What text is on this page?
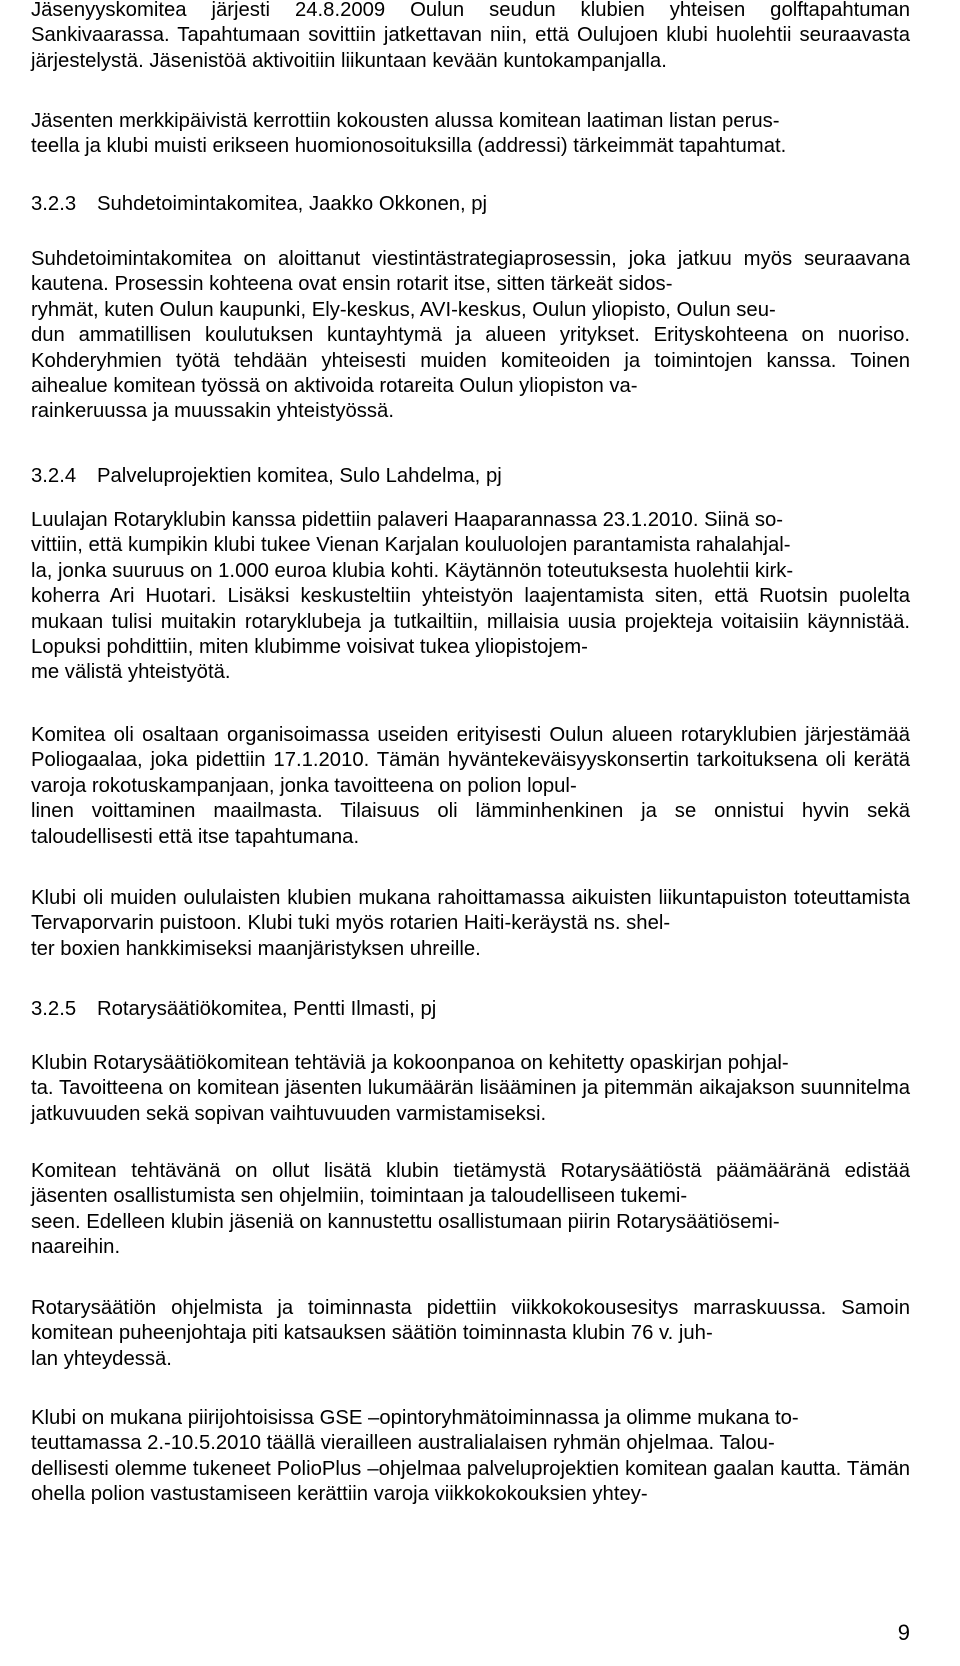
Jäsenyyskomitea järjesti 24.8.2009 Oulun seudun klubien yhteisen golftapahtuman Sankivaarassa. Tapahtumaan sovittiin jatkettavan niin, että Oulujoen klubi huolehtii seuraavasta järjestelystä. Jäsenistöä aktivoitiin liikuntaan kevään kuntokampanjalla.

Jäsenten merkkipäivistä kerrottiin kokousten alussa komitean laatiman listan perus-
teella ja klubi muisti erikseen huomionosoituksilla (addressi) tärkeimmät tapahtumat.

3.2.3	Suhdetoimintakomitea, Jaakko Okkonen, pj

Suhdetoimintakomitea on aloittanut viestintästrategiaprosessin, joka jatkuu myös seuraavana kautena. Prosessin kohteena ovat ensin rotarit itse, sitten tärkeät sidos-
ryhmät, kuten Oulun kaupunki, Ely-keskus, AVI-keskus, Oulun yliopisto, Oulun seu-
dun ammatillisen koulutuksen kuntayhtymä ja alueen yritykset. Erityskohteena on nuoriso. Kohderyhmien työtä tehdään yhteisesti muiden komiteoiden ja toimintojen kanssa. Toinen aihealue komitean työssä on aktivoida rotareita Oulun yliopiston va-
rainkeruussa ja muussakin yhteistyössä.

3.2.4	Palveluprojektien komitea, Sulo Lahdelma, pj

Luulajan Rotaryklubin kanssa pidettiin palaveri Haaparannassa 23.1.2010. Siinä so-
vittiin, että kumpikin klubi tukee Vienan Karjalan kouluolojen parantamista rahalahjal-
la, jonka suuruus on 1.000 euroa klubia kohti. Käytännön toteutuksesta huolehtii kirk-
koherra Ari Huotari. Lisäksi keskusteltiin yhteistyön laajentamista siten, että Ruotsin puolelta mukaan tulisi muitakin rotaryklubeja ja tutkailtiin, millaisia uusia projekteja voitaisiin käynnistää. Lopuksi pohdittiin, miten klubimme voisivat tukea yliopistojem-
me välistä yhteistyötä.

Komitea oli osaltaan organisoimassa useiden erityisesti Oulun alueen rotaryklubien järjestämää Poliogaalaa, joka pidettiin 17.1.2010. Tämän hyväntekeväisyyskonsertin tarkoituksena oli kerätä varoja rokotuskampanjaan, jonka tavoitteena on polion lopul-
linen voittaminen maailmasta. Tilaisuus oli lämminhenkinen ja se onnistui hyvin sekä taloudellisesti että itse tapahtumana.

Klubi oli muiden oululaisten klubien mukana rahoittamassa aikuisten liikuntapuiston toteuttamista Tervaporvarin puistoon. Klubi tuki myös rotarien Haiti-keräystä ns. shel-
ter boxien hankkimiseksi maanjäristyksen uhreille.

3.2.5	Rotarysäätiökomitea, Pentti Ilmasti, pj

Klubin Rotarysäätiökomitean tehtäviä ja kokoonpanoa on kehitetty opaskirjan pohjal-
ta. Tavoitteena on komitean jäsenten lukumäärän lisääminen ja pitemmän aikajakson suunnitelma jatkuvuuden sekä sopivan vaihtuvuuden varmistamiseksi.

Komitean tehtävänä on ollut lisätä klubin tietämystä Rotarysäätiöstä päämääränä edistää jäsenten osallistumista sen ohjelmiin, toimintaan ja taloudelliseen tukemi-
seen. Edelleen klubin jäseniä on kannustettu osallistumaan piirin Rotarysäätiösemi-
naareihin.

Rotarysäätiön ohjelmista ja toiminnasta pidettiin viikkokokousesitys marraskuussa. Samoin komitean puheenjohtaja piti katsauksen säätiön toiminnasta klubin 76 v. juh-
lan yhteydessä.

Klubi on mukana piirijohtoisissa GSE –opintoryhmätoiminnassa ja olimme mukana to-
teuttamassa 2.-10.5.2010 täällä vierailleen australialaisen ryhmän ohjelmaa. Talou-
dellisesti olemme tukeneet PolioPlus –ohjelmaa palveluprojektien komitean gaalan kautta. Tämän ohella polion vastustamiseen kerättiin varoja viikkokokouksien yhtey-

9
